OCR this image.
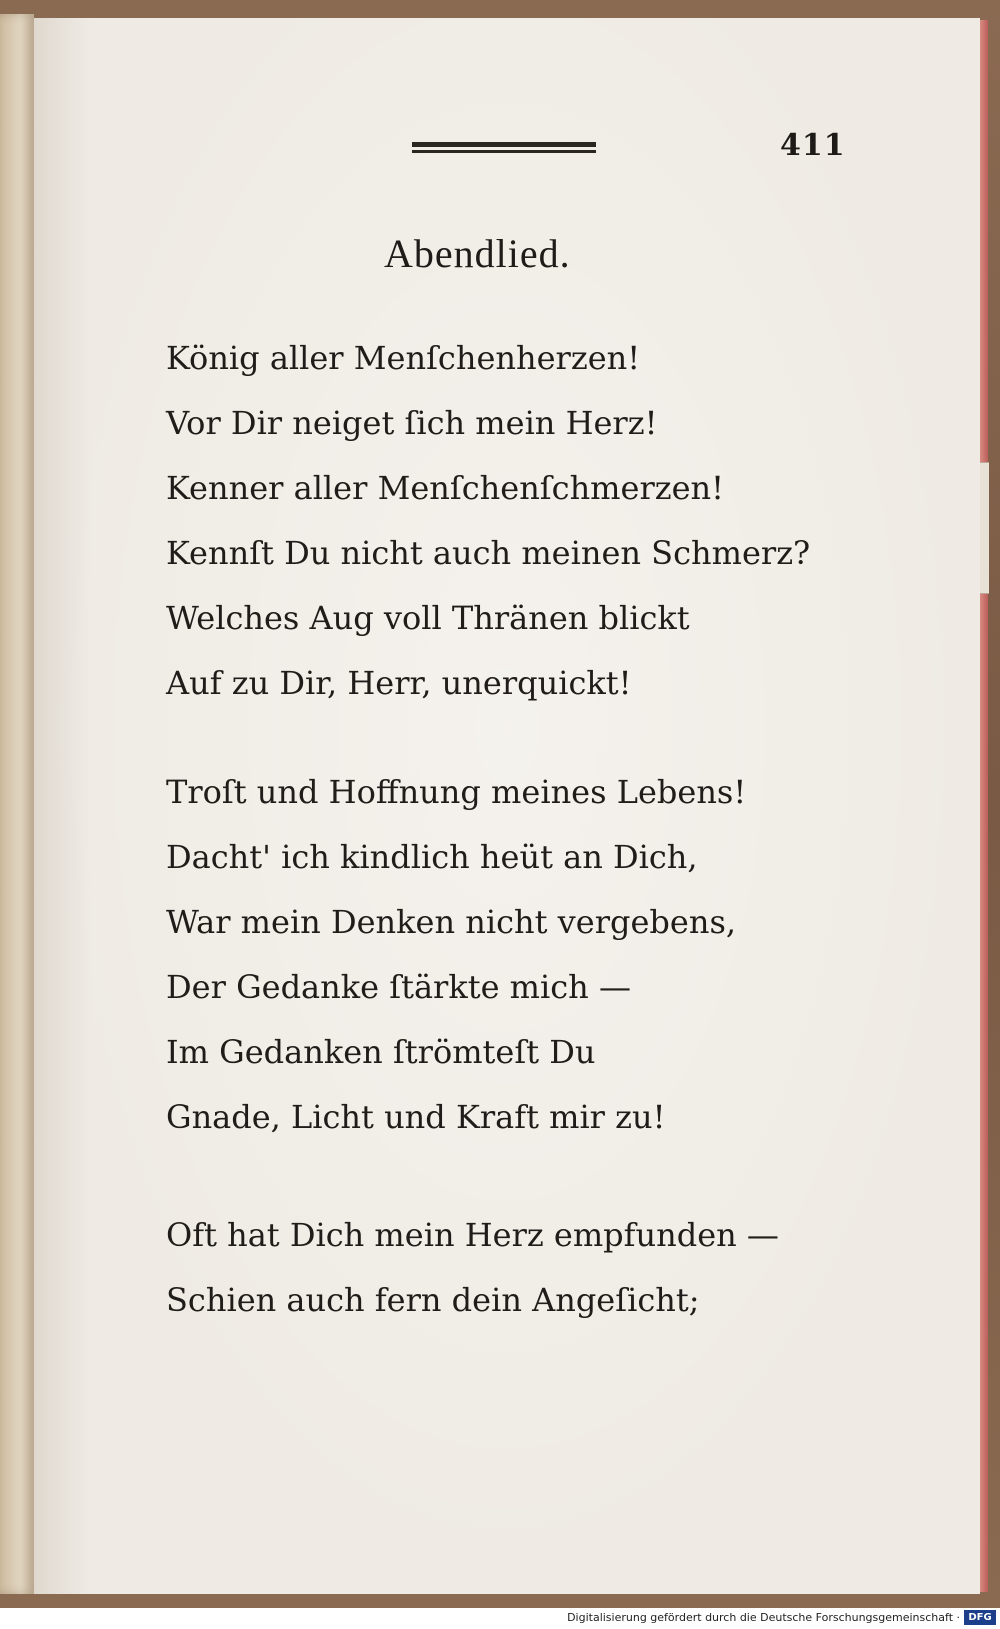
411
Abendlied.
König aller Menſchenherzen!
Vor Dir neiget ſich mein Herz!
Kenner aller Menſchenſchmerzen!
Kennſt Du nicht auch meinen Schmerz?
Welches Aug voll Thränen blickt
Auf zu Dir, Herr, unerquickt!
Troſt und Hoffnung meines Lebens!
Dacht' ich kindlich heüt an Dich,
War mein Denken nicht vergebens,
Der Gedanke ſtärkte mich —
Im Gedanken ſtrömteſt Du
Gnade, Licht und Kraft mir zu!
Oft hat Dich mein Herz empfunden —
Schien auch fern dein Angeſicht;
Digitalisierung gefördert durch die Deutsche Forschungsgemeinschaft · DFG
